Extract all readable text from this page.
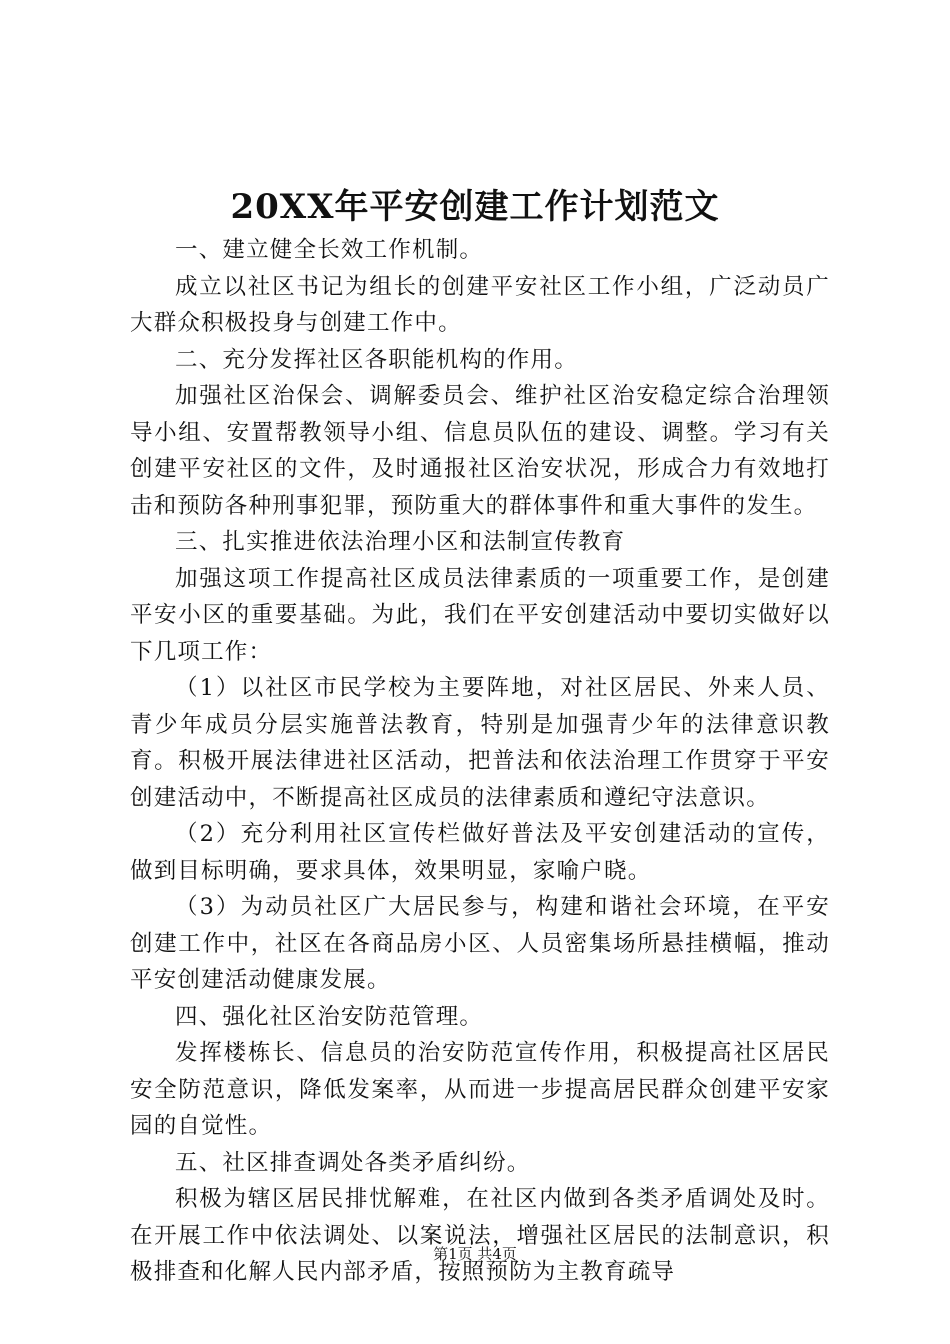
20XX年平安创建工作计划范文

一、建立健全长效工作机制。

成立以社区书记为组长的创建平安社区工作小组，广泛动员广大群众积极投身与创建工作中。

二、充分发挥社区各职能机构的作用。

加强社区治保会、调解委员会、维护社区治安稳定综合治理领导小组、安置帮教领导小组、信息员队伍的建设、调整。学习有关创建平安社区的文件，及时通报社区治安状况，形成合力有效地打击和预防各种刑事犯罪，预防重大的群体事件和重大事件的发生。

三、扎实推进依法治理小区和法制宣传教育

加强这项工作提高社区成员法律素质的一项重要工作，是创建平安小区的重要基础。为此，我们在平安创建活动中要切实做好以下几项工作：

（1）以社区市民学校为主要阵地，对社区居民、外来人员、青少年成员分层实施普法教育，特别是加强青少年的法律意识教育。积极开展法律进社区活动，把普法和依法治理工作贯穿于平安创建活动中，不断提高社区成员的法律素质和遵纪守法意识。

（2）充分利用社区宣传栏做好普法及平安创建活动的宣传，做到目标明确，要求具体，效果明显，家喻户晓。

（3）为动员社区广大居民参与，构建和谐社会环境，在平安创建工作中，社区在各商品房小区、人员密集场所悬挂横幅，推动平安创建活动健康发展。

四、强化社区治安防范管理。

发挥楼栋长、信息员的治安防范宣传作用，积极提高社区居民安全防范意识，降低发案率，从而进一步提高居民群众创建平安家园的自觉性。

五、社区排查调处各类矛盾纠纷。

积极为辖区居民排忧解难，在社区内做到各类矛盾调处及时。在开展工作中依法调处、以案说法，增强社区居民的法制意识，积极排查和化解人民内部矛盾，按照预防为主教育疏导

第1页 共4页
